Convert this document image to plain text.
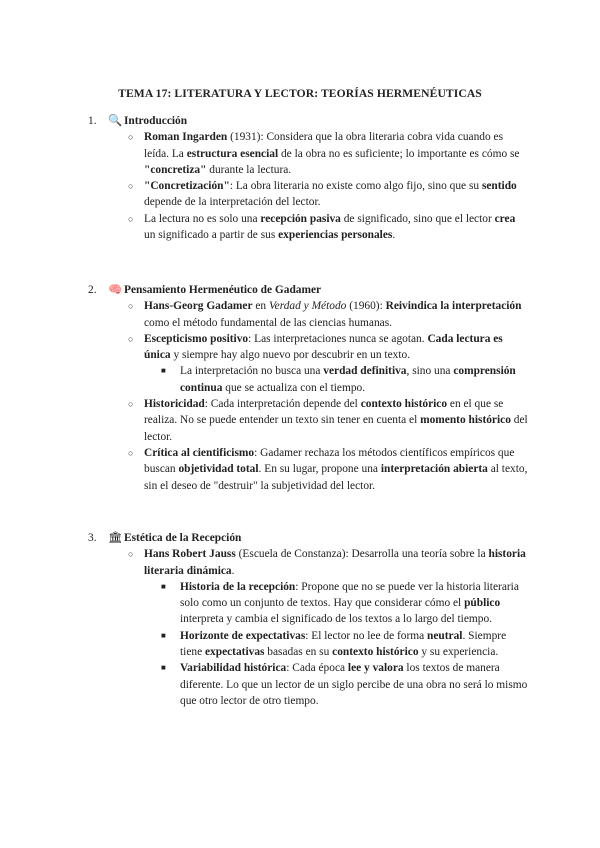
TEMA 17: LITERATURA Y LECTOR: TEORÍAS HERMENÉUTICAS
1. 🔍 Introducción
○ Roman Ingarden (1931): Considera que la obra literaria cobra vida cuando es leída. La estructura esencial de la obra no es suficiente; lo importante es cómo se "concretiza" durante la lectura.
○ "Concretización": La obra literaria no existe como algo fijo, sino que su sentido depende de la interpretación del lector.
○ La lectura no es solo una recepción pasiva de significado, sino que el lector crea un significado a partir de sus experiencias personales.
2. 🧠 Pensamiento Hermenéutico de Gadamer
○ Hans-Georg Gadamer en Verdad y Método (1960): Reivindica la interpretación como el método fundamental de las ciencias humanas.
○ Escepticismo positivo: Las interpretaciones nunca se agotan. Cada lectura es única y siempre hay algo nuevo por descubrir en un texto.
■ La interpretación no busca una verdad definitiva, sino una comprensión continua que se actualiza con el tiempo.
○ Historicidad: Cada interpretación depende del contexto histórico en el que se realiza. No se puede entender un texto sin tener en cuenta el momento histórico del lector.
○ Crítica al cientificismo: Gadamer rechaza los métodos científicos empíricos que buscan objetividad total. En su lugar, propone una interpretación abierta al texto, sin el deseo de "destruir" la subjetividad del lector.
3. 🏛 Estética de la Recepción
○ Hans Robert Jauss (Escuela de Constanza): Desarrolla una teoría sobre la historia literaria dinámica.
■ Historia de la recepción: Propone que no se puede ver la historia literaria solo como un conjunto de textos. Hay que considerar cómo el público interpreta y cambia el significado de los textos a lo largo del tiempo.
■ Horizonte de expectativas: El lector no lee de forma neutral. Siempre tiene expectativas basadas en su contexto histórico y su experiencia.
■ Variabilidad histórica: Cada época lee y valora los textos de manera diferente. Lo que un lector de un siglo percibe de una obra no será lo mismo que otro lector de otro tiempo.
